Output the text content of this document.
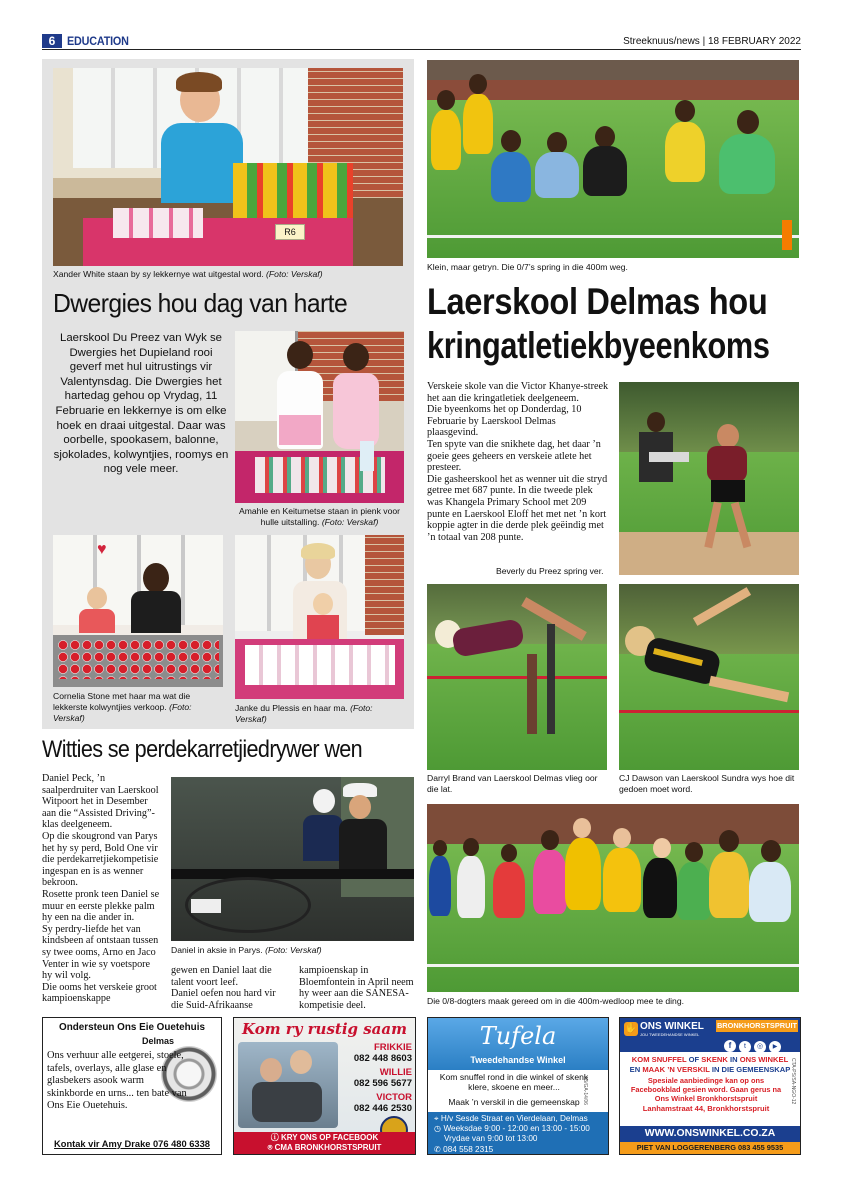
6 EDUCATION	Streeknuus/news | 18 FEBRUARY 2022
R6
Xander White staan by sy lekkernye wat uitgestal word. (Foto: Verskaf)
Dwergies hou dag van harte
Laerskool Du Preez van Wyk se Dwergies het Dupieland rooi geverf met hul uitrustings vir Valentynsdag. Die Dwergies het hartedag gehou op Vrydag, 11 Februarie en lekkernye is om elke hoek en draai uitgestal. Daar was oorbelle, spookasem, balonne, sjokolades, kolwyntjies, roomys en nog vele meer.
Amahle en Keitumetse staan in pienk voor hulle uitstalling. (Foto: Verskaf)
♥
Cornelia Stone met haar ma wat die lekkerste kolwyntjies verkoop. (Foto: Verskaf)
Janke du Plessis en haar ma. (Foto: Verskaf)
Witties se perdekarretjiedrywer wen
Daniel Peck, ’n saalperdruiter van Laerskool Witpoort het in Desember aan die “Assisted Driving”-klas deelgeneem.
Op die skougrond van Parys het hy sy perd, Bold One vir die perdekarretjiekompetisie ingespan en is as wenner bekroon.
Rosette pronk teen Daniel se muur en eerste plekke palm hy een na die ander in.
Sy perdry-liefde het van kindsbeen af ontstaan tussen sy twee ooms, Arno en Jaco Venter in wie sy voetspore hy wil volg.
Die ooms het verskeie groot kampioenskappe
Daniel in aksie in Parys. (Foto: Verskaf)
gewen en Daniel laat die talent voort leef.
Daniel oefen nou hard vir die Suid-Afrikaanse
kampioenskap in Bloemfontein in April neem hy weer aan die SANESA-kompetisie deel.
Klein, maar getryn. Die 0/7’s spring in die 400m weg.
Laerskool Delmas hou
kringatletiekbyeenkoms
Verskeie skole van die Victor Khanye-streek het aan die kringatletiek deelgeneem.
Die byeenkoms het op Donderdag, 10 Februarie by Laerskool Delmas plaasgevind.
Ten spyte van die snikhete dag, het daar ’n goeie gees geheers en verskeie atlete het presteer.
Die gasheerskool het as wenner uit die stryd getree met 687 punte. In die tweede plek was Khangela Primary School met 209 punte en Laerskool Eloff het met net ’n kort koppie agter in die derde plek geëindig met ’n totaal van 208 punte.
Beverly du Preez spring ver.
Darryl Brand van Laerskool Delmas vlieg oor die lat.
CJ Dawson van Laerskool Sundra wys hoe dit gedoen moet word.
Die 0/8-dogters maak gereed om in die 400m-wedloop mee te ding.
Ondersteun Ons Eie Ouetehuis
Delmas
Ons verhuur alle eetgerei, stoele, tafels, overlays, alle glase en glasbekers asook warm skinkborde en urns... ten bate van Ons Eie Ouetehuis.
Kontak vir Amy Drake 076 480 6338
Kom ry rustig saam
FRIKKIE
082 448 8603
WILLIE
082 596 5677
VICTOR
082 446 2530
ⓘ KRY ONS OP FACEBOOK
⌾ CMA BRONKHORSTSPRUIT
Tufela
Tweedehandse Winkel
Kom snuffel rond in die winkel of skenk klere, skoene en meer...
Maak ’n verskil in die gemeenskap A5/GA-14/06
⌖ H/v Sesde Straat en Vierdelaan, Delmas
◷ Weeksdae 9:00 - 12:00 en 13:00 - 15:00
Vrydae van 9:00 tot 13:00
✆ 084 558 2315
✋ ONS WINKEL
JOU TWEEDEHANDSE WINKEL
BRONKHORSTSPRUIT
f t ◎ ▶
KOM SNUFFEL OF SKENK IN ONS WINKEL
EN MAAK ’N VERSKIL IN DIE GEMEENSKAP
Spesiale aanbiedinge kan op ons Facebookblad gesien word. Gaan gerus na Ons Winkel Bronkhorstspruit
Lanhamstraat 44, Bronkhorstspruit
CTA-PS/SA-NGO-12
WWW.ONSWINKEL.CO.ZA
PIET VAN LOGGERENBERG 083 455 9535
